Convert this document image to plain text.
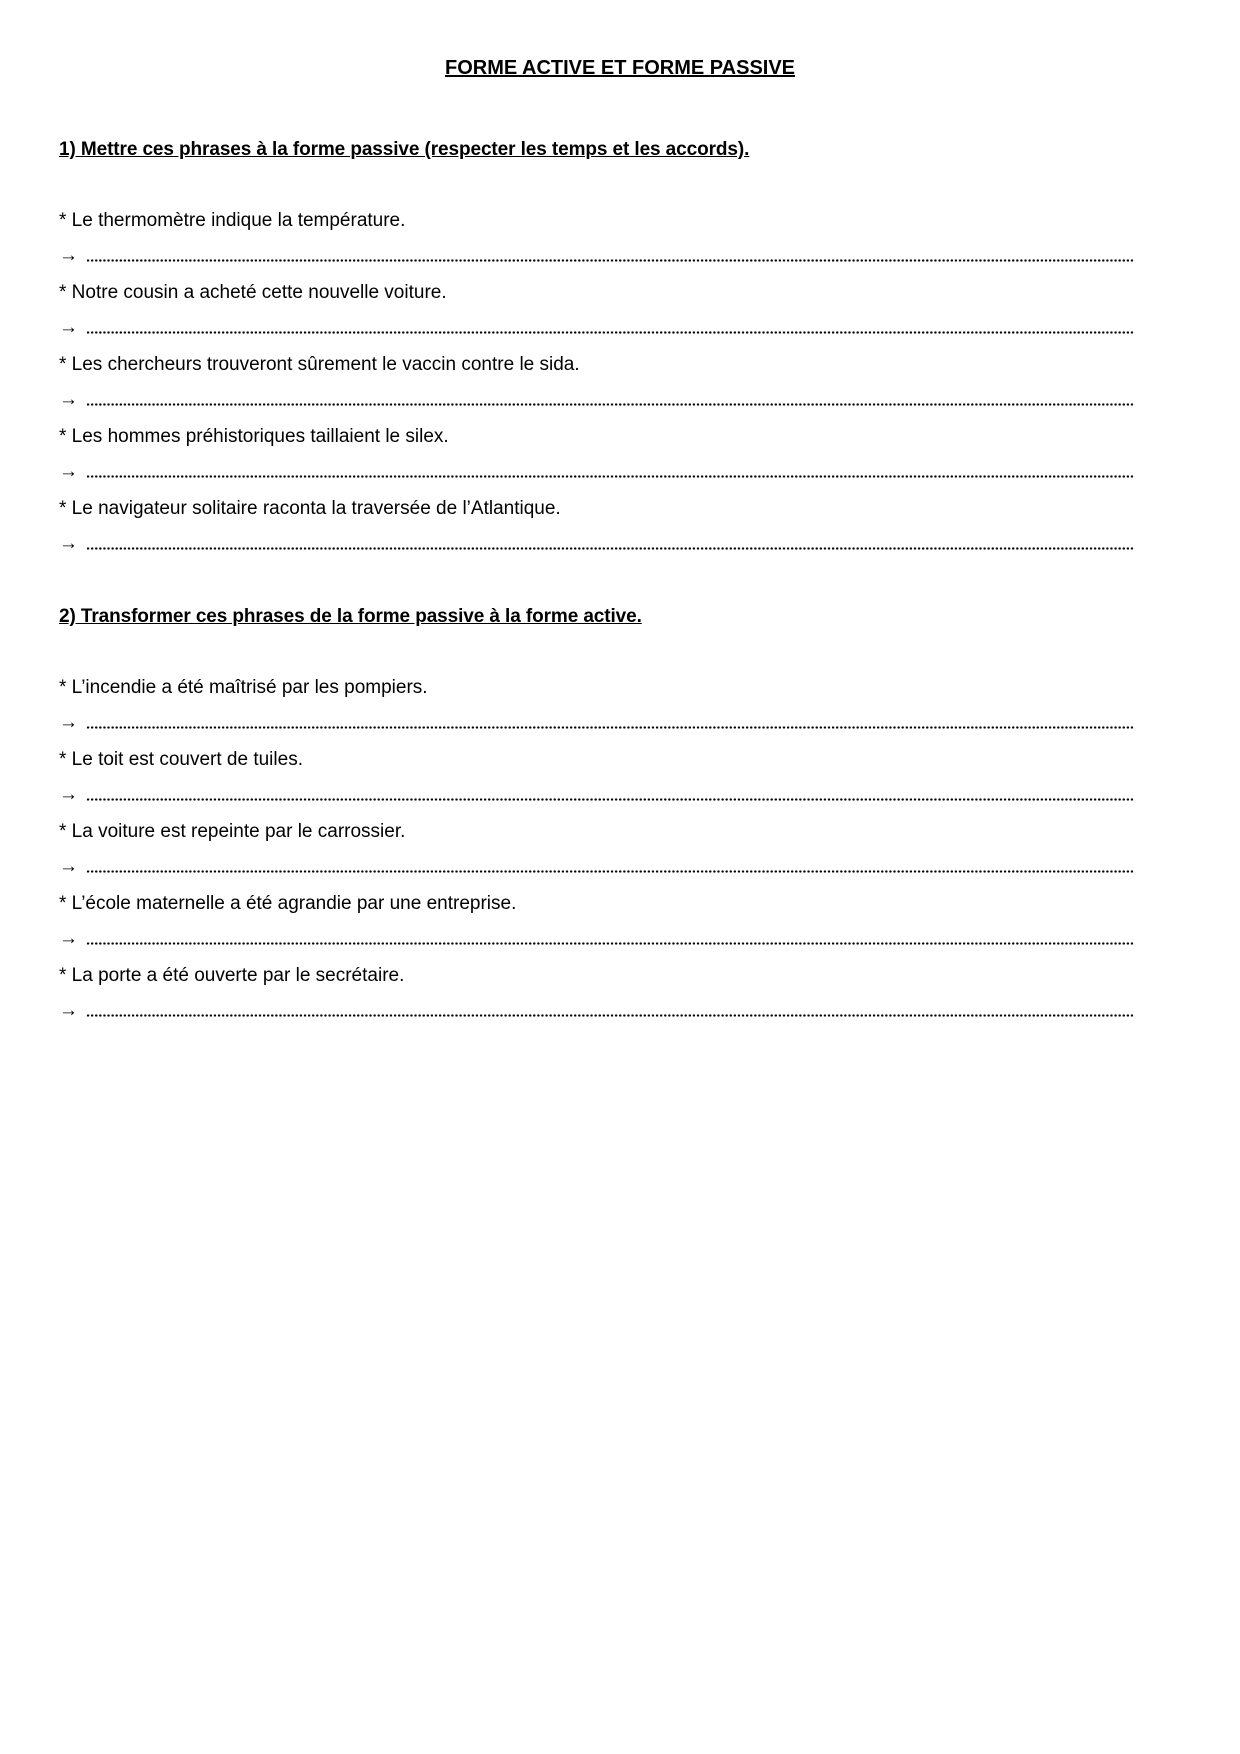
FORME ACTIVE ET FORME PASSIVE
1) Mettre ces phrases à la forme passive (respecter les temps et les accords).
* Le thermomètre indique la température.
→
* Notre cousin a acheté cette nouvelle voiture.
→
* Les chercheurs trouveront sûrement le vaccin contre le sida.
→
* Les hommes préhistoriques taillaient le silex.
→
* Le navigateur solitaire raconta la traversée de l’Atlantique.
→
2) Transformer ces phrases de la forme passive à la forme active.
* L’incendie a été maîtrisé par les pompiers.
→
* Le toit est couvert de tuiles.
→
* La voiture est repeinte par le carrossier.
→
* L’école maternelle a été agrandie par une entreprise.
→
* La porte a été ouverte par le secrétaire.
→
